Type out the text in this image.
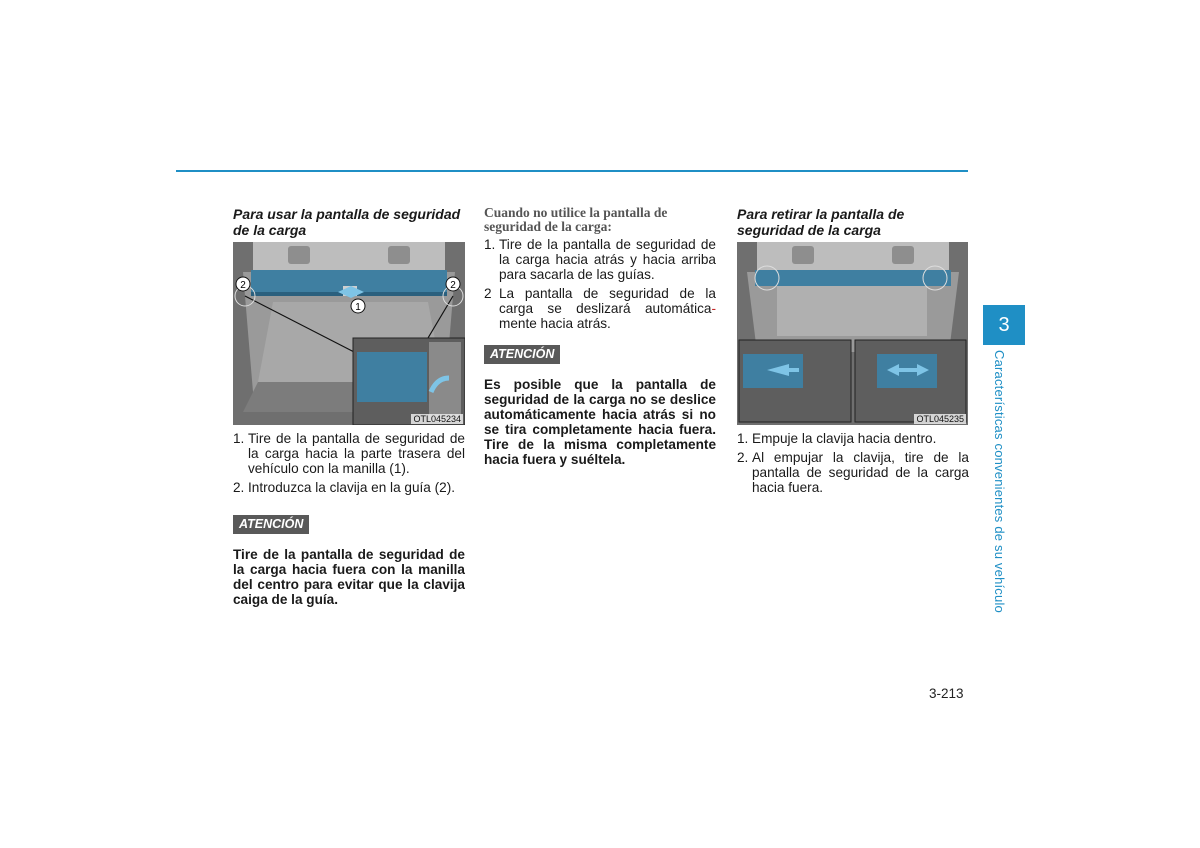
Para usar la pantalla de seguridad de la carga

2	2
1
OTL045234
1. Tire de la pantalla de seguridad de la carga hacia la parte trasera del vehículo con la manilla (1).
2. Introduzca la clavija en la guía (2).
ATENCIÓN

Tire de la pantalla de seguridad de la carga hacia fuera con la manilla del centro para evitar que la clavija caiga de la guía.

Cuando no utilice la pantalla de seguridad de la carga:

1. Tire de la pantalla de seguridad de la carga hacia atrás y hacia arriba para sacarla de las guías.
2 La pantalla de seguridad de la carga se deslizará automática- mente hacia atrás.
ATENCIÓN

Es posible que la pantalla de seguridad de la carga no se deslice automáticamente hacia atrás si no se tira completamente hacia fuera. Tire de la misma completamente hacia fuera y suéltela.

Para retirar la pantalla de seguridad de la carga

OTL045235
1. Empuje la clavija hacia dentro.
2. Al empujar la clavija, tire de la pantalla de seguridad de la carga hacia fuera.
3
Características convenientes de su vehículo
3-213
